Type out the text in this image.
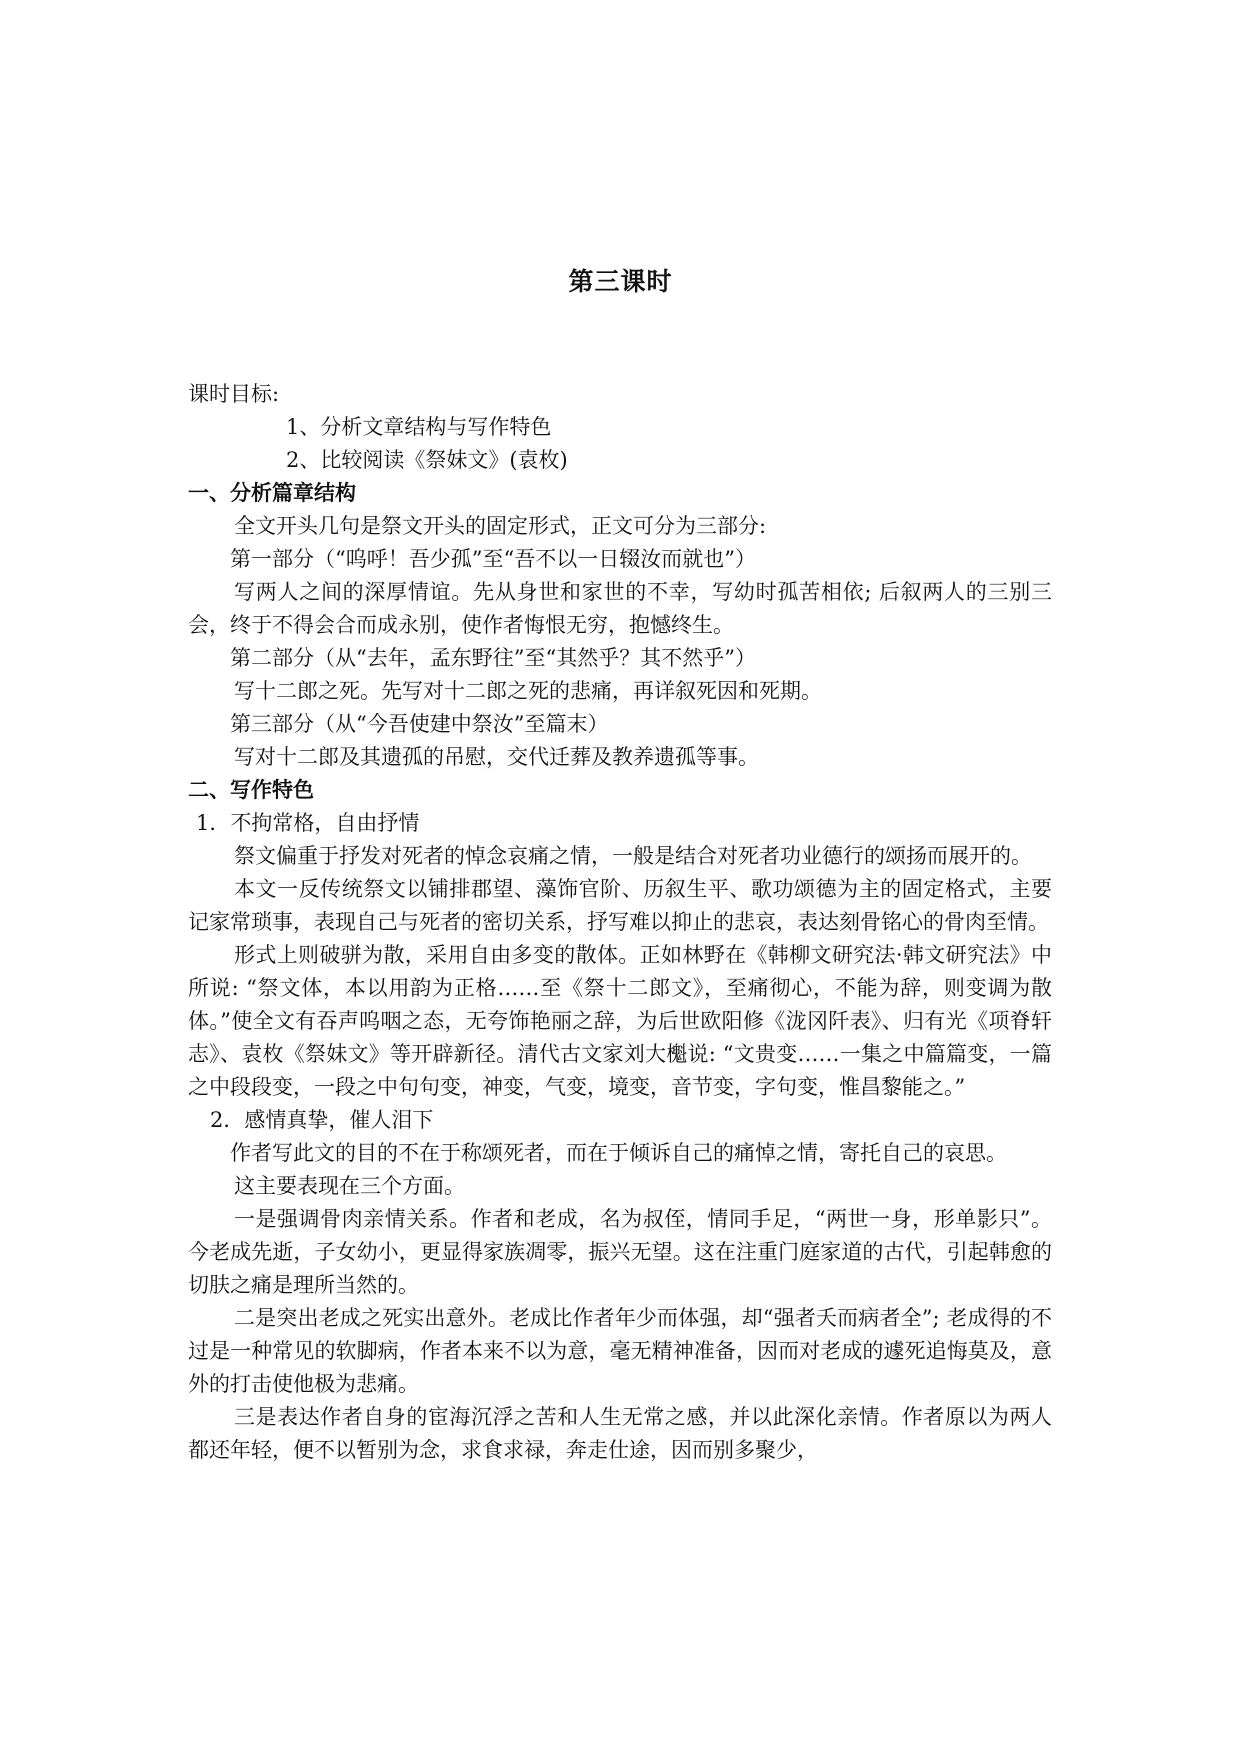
第三课时

课时目标:

1、分析文章结构与写作特色

2、比较阅读《祭妹文》(袁枚)

一、分析篇章结构

全文开头几句是祭文开头的固定形式，正文可分为三部分:

第一部分（“呜呼！吾少孤”至“吾不以一日辍汝而就也”）

写两人之间的深厚情谊。先从身世和家世的不幸，写幼时孤苦相依; 后叙两人的三别三会，终于不得会合而成永别，使作者悔恨无穷，抱憾终生。

第二部分（从“去年，孟东野往”至“其然乎？其不然乎”）

写十二郎之死。先写对十二郎之死的悲痛，再详叙死因和死期。

第三部分（从“今吾使建中祭汝”至篇末）

写对十二郎及其遗孤的吊慰，交代迁葬及教养遗孤等事。

二、写作特色

1．不拘常格，自由抒情

祭文偏重于抒发对死者的悼念哀痛之情，一般是结合对死者功业德行的颂扬而展开的。

本文一反传统祭文以铺排郡望、藻饰官阶、历叙生平、歌功颂德为主的固定格式，主要记家常琐事，表现自己与死者的密切关系，抒写难以抑止的悲哀，表达刻骨铭心的骨肉至情。

形式上则破骈为散，采用自由多变的散体。正如林野在《韩柳文研究法·韩文研究法》中所说: “祭文体，本以用韵为正格……至《祭十二郎文》，至痛彻心，不能为辞，则变调为散体。”使全文有吞声呜咽之态，无夸饰艳丽之辞，为后世欧阳修《泷冈阡表》、归有光《项脊轩志》、袁枚《祭妹文》等开辟新径。清代古文家刘大櫆说: “文贵变……一集之中篇篇变，一篇之中段段变，一段之中句句变，神变，气变，境变，音节变，字句变，惟昌黎能之。”

2．感情真挚，催人泪下

作者写此文的目的不在于称颂死者，而在于倾诉自己的痛悼之情，寄托自己的哀思。

这主要表现在三个方面。

一是强调骨肉亲情关系。作者和老成，名为叔侄，情同手足，“两世一身，形单影只”。今老成先逝，子女幼小，更显得家族凋零，振兴无望。这在注重门庭家道的古代，引起韩愈的切肤之痛是理所当然的。

二是突出老成之死实出意外。老成比作者年少而体强，却“强者夭而病者全”; 老成得的不过是一种常见的软脚病，作者本来不以为意，毫无精神准备，因而对老成的遽死追悔莫及，意外的打击使他极为悲痛。

三是表达作者自身的宦海沉浮之苦和人生无常之感，并以此深化亲情。作者原以为两人都还年轻，便不以暂别为念，求食求禄，奔走仕途，因而别多聚少，
